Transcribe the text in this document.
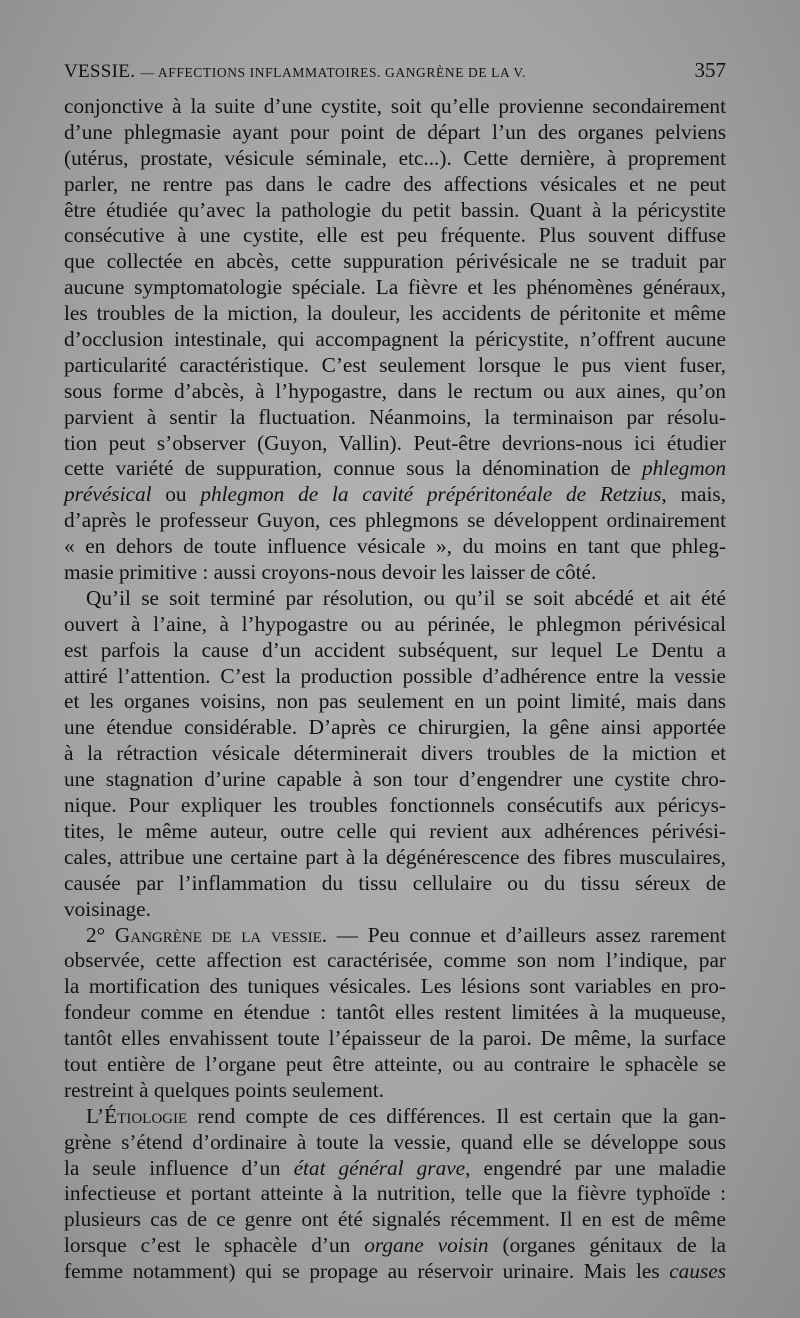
VESSIE. — AFFECTIONS INFLAMMATOIRES. GANGRÈNE DE LA V.	357
conjonctive à la suite d’une cystite, soit qu’elle provienne secondairement
d’une phlegmasie ayant pour point de départ l’un des organes pelviens
(utérus, prostate, vésicule séminale, etc...). Cette dernière, à proprement
parler, ne rentre pas dans le cadre des affections vésicales et ne peut
être étudiée qu’avec la pathologie du petit bassin. Quant à la péricystite
consécutive à une cystite, elle est peu fréquente. Plus souvent diffuse
que collectée en abcès, cette suppuration périvésicale ne se traduit par
aucune symptomatologie spéciale. La fièvre et les phénomènes généraux,
les troubles de la miction, la douleur, les accidents de péritonite et même
d’occlusion intestinale, qui accompagnent la péricystite, n’offrent aucune
particularité caractéristique. C’est seulement lorsque le pus vient fuser,
sous forme d’abcès, à l’hypogastre, dans le rectum ou aux aines, qu’on
parvient à sentir la fluctuation. Néanmoins, la terminaison par résolu-
tion peut s’observer (Guyon, Vallin). Peut-être devrions-nous ici étudier
cette variété de suppuration, connue sous la dénomination de phlegmon
prévésical ou phlegmon de la cavité prépéritonéale de Retzius, mais,
d’après le professeur Guyon, ces phlegmons se développent ordinairement
« en dehors de toute influence vésicale », du moins en tant que phleg-
masie primitive : aussi croyons-nous devoir les laisser de côté.
Qu’il se soit terminé par résolution, ou qu’il se soit abcédé et ait été
ouvert à l’aine, à l’hypogastre ou au périnée, le phlegmon périvésical
est parfois la cause d’un accident subséquent, sur lequel Le Dentu a
attiré l’attention. C’est la production possible d’adhérence entre la vessie
et les organes voisins, non pas seulement en un point limité, mais dans
une étendue considérable. D’après ce chirurgien, la gêne ainsi apportée
à la rétraction vésicale déterminerait divers troubles de la miction et
une stagnation d’urine capable à son tour d’engendrer une cystite chro-
nique. Pour expliquer les troubles fonctionnels consécutifs aux péricys-
tites, le même auteur, outre celle qui revient aux adhérences périvési-
cales, attribue une certaine part à la dégénérescence des fibres musculaires,
causée par l’inflammation du tissu cellulaire ou du tissu séreux de
voisinage.
2° Gangrène de la vessie. — Peu connue et d’ailleurs assez rarement
observée, cette affection est caractérisée, comme son nom l’indique, par
la mortification des tuniques vésicales. Les lésions sont variables en pro-
fondeur comme en étendue : tantôt elles restent limitées à la muqueuse,
tantôt elles envahissent toute l’épaisseur de la paroi. De même, la surface
tout entière de l’organe peut être atteinte, ou au contraire le sphacèle se
restreint à quelques points seulement.
L’Étiologie rend compte de ces différences. Il est certain que la gan-
grène s’étend d’ordinaire à toute la vessie, quand elle se développe sous
la seule influence d’un état général grave, engendré par une maladie
infectieuse et portant atteinte à la nutrition, telle que la fièvre typhoïde :
plusieurs cas de ce genre ont été signalés récemment. Il en est de même
lorsque c’est le sphacèle d’un organe voisin (organes génitaux de la
femme notamment) qui se propage au réservoir urinaire. Mais les causes
